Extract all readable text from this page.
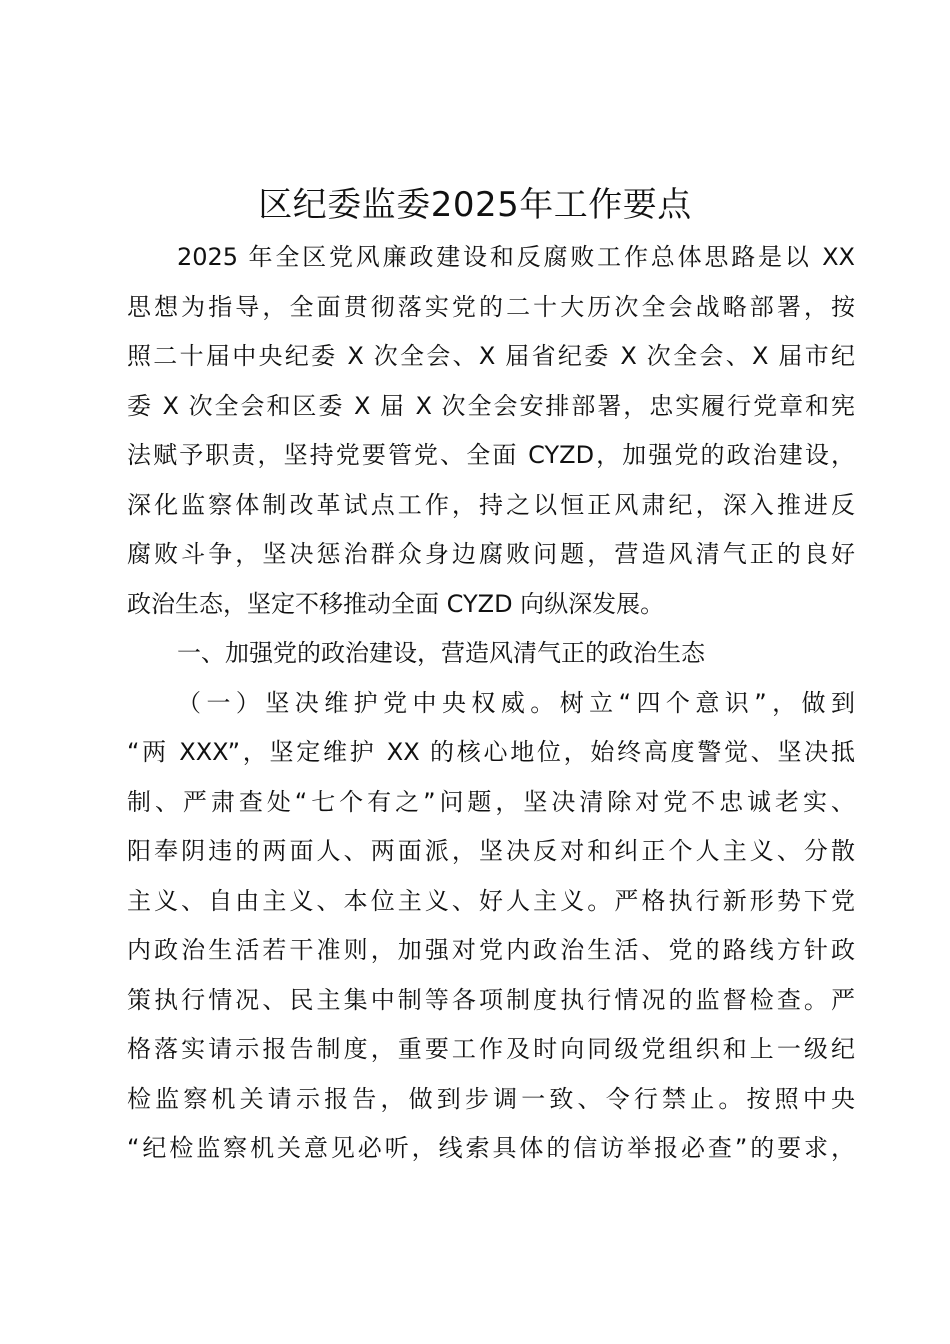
区纪委监委2025年工作要点
2025 年全区党风廉政建设和反腐败工作总体思路是以 XX
思想为指导，全面贯彻落实党的二十大历次全会战略部署，按
照二十届中央纪委 X 次全会、X 届省纪委 X 次全会、X 届市纪
委 X 次全会和区委 X 届 X 次全会安排部署，忠实履行党章和宪
法赋予职责，坚持党要管党、全面 CYZD，加强党的政治建设，
深化监察体制改革试点工作，持之以恒正风肃纪，深入推进反
腐败斗争，坚决惩治群众身边腐败问题，营造风清气正的良好
政治生态，坚定不移推动全面 CYZD 向纵深发展。
一、加强党的政治建设，营造风清气正的政治生态
（一）坚决维护党中央权威。树立“四个意识”，做到
“两 XXX”，坚定维护 XX 的核心地位，始终高度警觉、坚决抵
制、严肃查处“七个有之”问题，坚决清除对党不忠诚老实、
阳奉阴违的两面人、两面派，坚决反对和纠正个人主义、分散
主义、自由主义、本位主义、好人主义。严格执行新形势下党
内政治生活若干准则，加强对党内政治生活、党的路线方针政
策执行情况、民主集中制等各项制度执行情况的监督检查。严
格落实请示报告制度，重要工作及时向同级党组织和上一级纪
检监察机关请示报告，做到步调一致、令行禁止。按照中央
“纪检监察机关意见必听，线索具体的信访举报必查”的要求，
